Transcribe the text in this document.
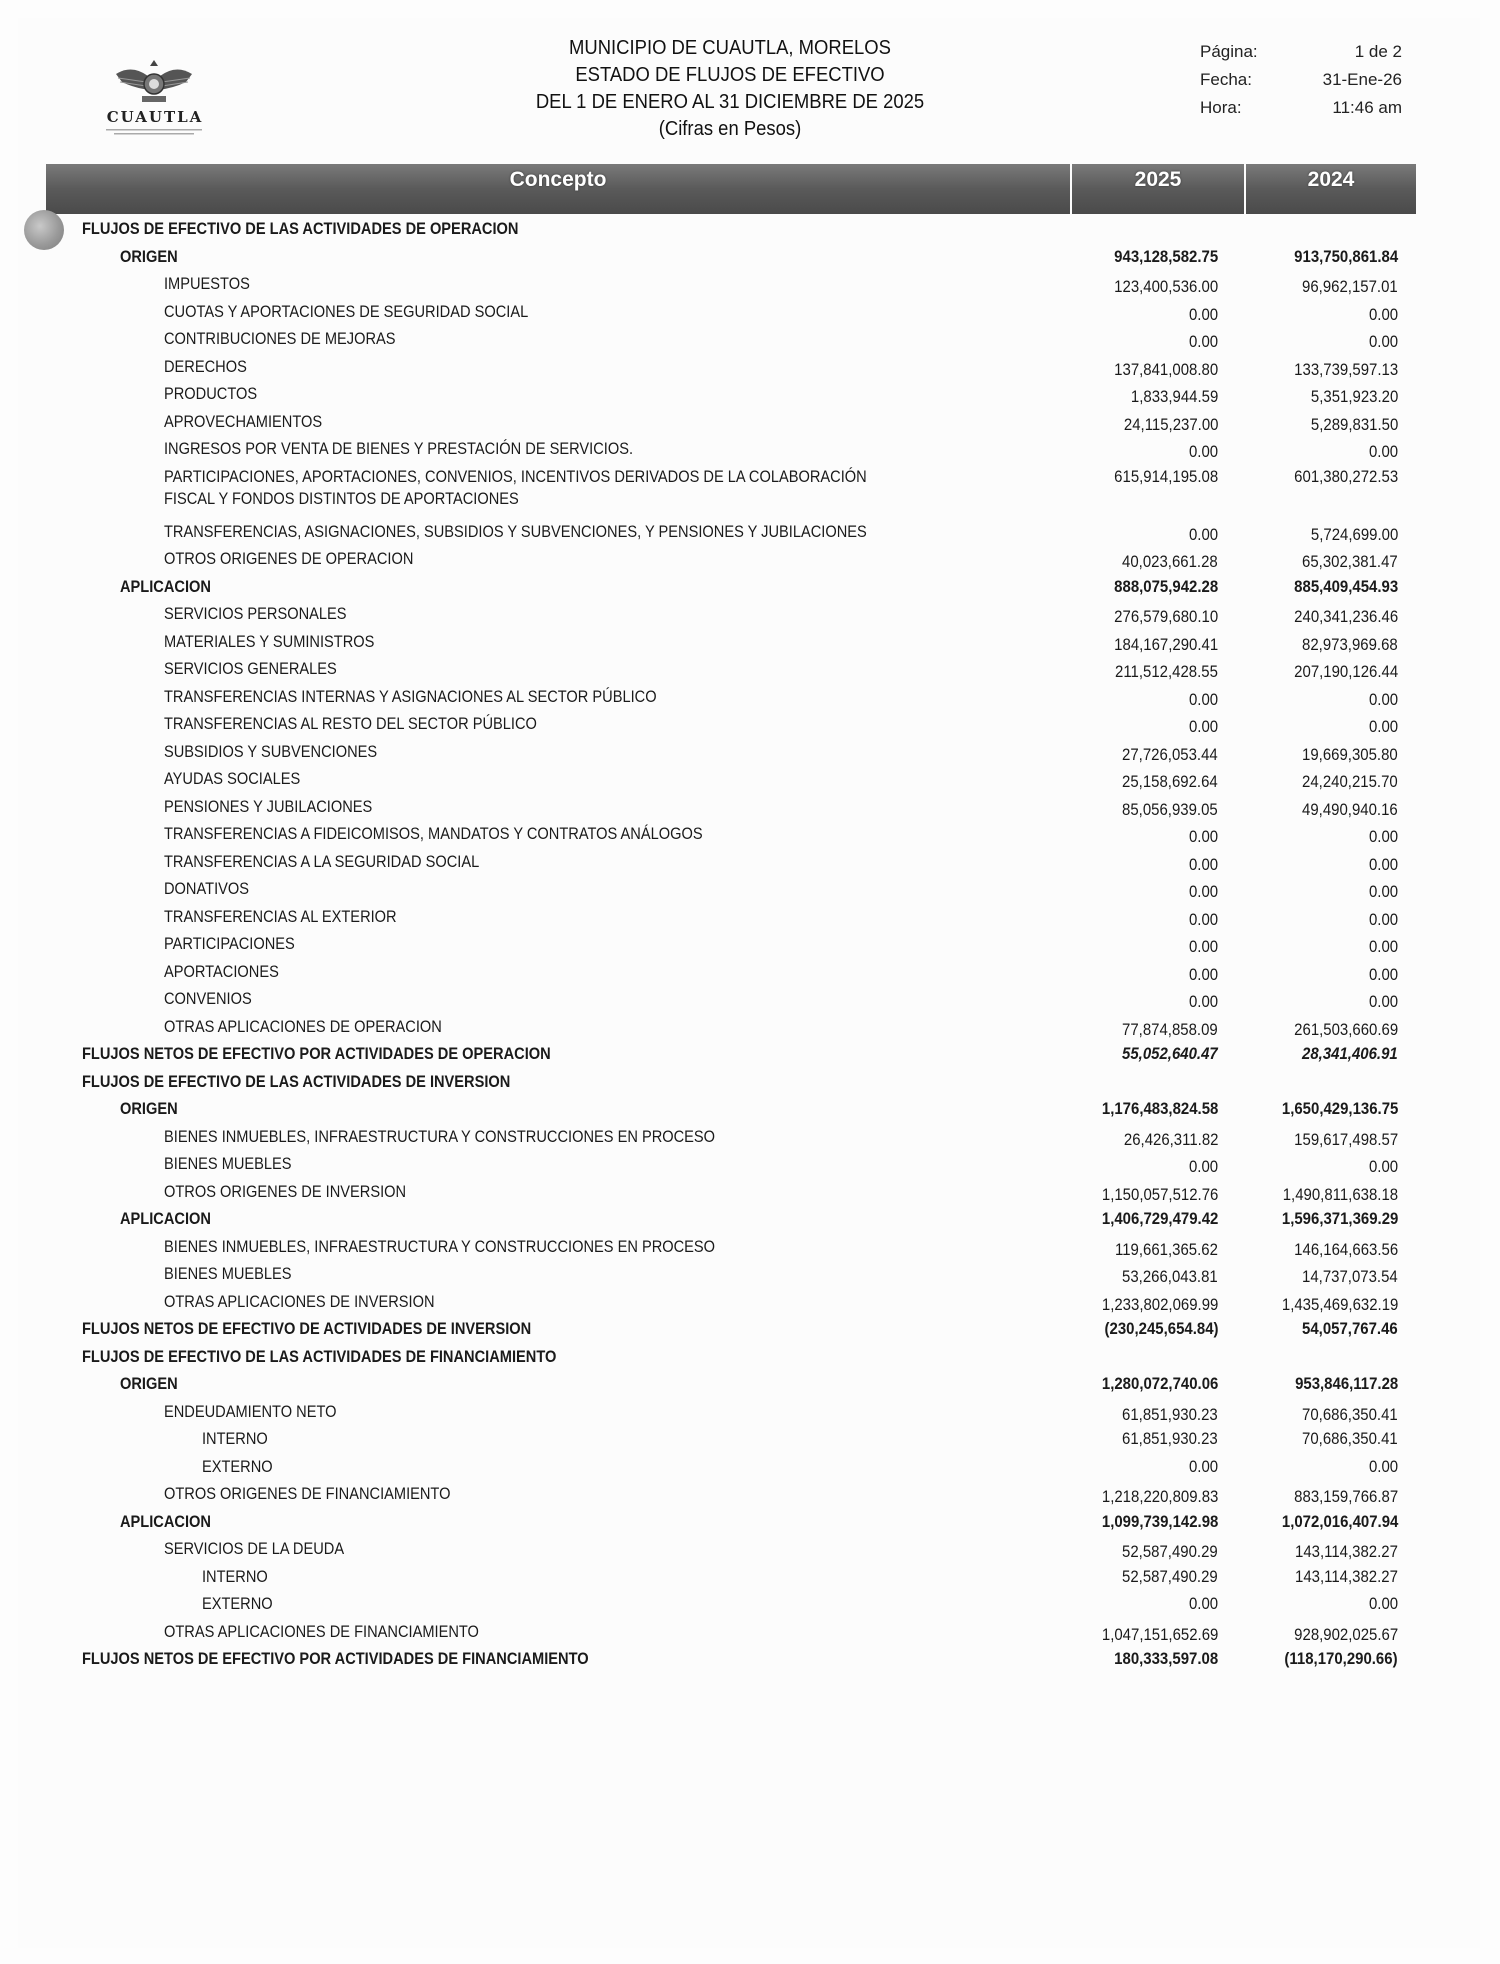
CUAUTLA
MUNICIPIO DE CUAUTLA, MORELOS
ESTADO DE FLUJOS DE EFECTIVO
DEL 1 DE ENERO AL 31 DICIEMBRE DE 2025
(Cifras en Pesos)
Página:
Fecha:
Hora:
1 de 2
31-Ene-26
11:46 am
Concepto	2025	2024
FLUJOS DE EFECTIVO DE LAS ACTIVIDADES DE OPERACION
ORIGEN	943,128,582.75	913,750,861.84
IMPUESTOS	123,400,536.00	96,962,157.01
CUOTAS Y APORTACIONES DE SEGURIDAD SOCIAL	0.00	0.00
CONTRIBUCIONES DE MEJORAS	0.00	0.00
DERECHOS	137,841,008.80	133,739,597.13
PRODUCTOS	1,833,944.59	5,351,923.20
APROVECHAMIENTOS	24,115,237.00	5,289,831.50
INGRESOS POR VENTA DE BIENES Y PRESTACIÓN DE SERVICIOS.	0.00	0.00
PARTICIPACIONES, APORTACIONES, CONVENIOS, INCENTIVOS DERIVADOS DE LA COLABORACIÓN
FISCAL Y FONDOS DISTINTOS DE APORTACIONES
615,914,195.08	601,380,272.53
TRANSFERENCIAS, ASIGNACIONES, SUBSIDIOS Y SUBVENCIONES, Y PENSIONES Y JUBILACIONES	0.00	5,724,699.00
OTROS ORIGENES DE OPERACION	40,023,661.28	65,302,381.47
APLICACION	888,075,942.28	885,409,454.93
SERVICIOS PERSONALES	276,579,680.10	240,341,236.46
MATERIALES Y SUMINISTROS	184,167,290.41	82,973,969.68
SERVICIOS GENERALES	211,512,428.55	207,190,126.44
TRANSFERENCIAS INTERNAS Y ASIGNACIONES AL SECTOR PÚBLICO	0.00	0.00
TRANSFERENCIAS AL RESTO DEL SECTOR PÚBLICO	0.00	0.00
SUBSIDIOS Y SUBVENCIONES	27,726,053.44	19,669,305.80
AYUDAS SOCIALES	25,158,692.64	24,240,215.70
PENSIONES Y JUBILACIONES	85,056,939.05	49,490,940.16
TRANSFERENCIAS A FIDEICOMISOS, MANDATOS Y CONTRATOS ANÁLOGOS	0.00	0.00
TRANSFERENCIAS A LA SEGURIDAD SOCIAL	0.00	0.00
DONATIVOS	0.00	0.00
TRANSFERENCIAS AL EXTERIOR	0.00	0.00
PARTICIPACIONES	0.00	0.00
APORTACIONES	0.00	0.00
CONVENIOS	0.00	0.00
OTRAS APLICACIONES DE OPERACION	77,874,858.09	261,503,660.69
FLUJOS NETOS DE EFECTIVO POR ACTIVIDADES DE OPERACION	55,052,640.47	28,341,406.91
FLUJOS DE EFECTIVO DE LAS ACTIVIDADES DE INVERSION
ORIGEN	1,176,483,824.58	1,650,429,136.75
BIENES INMUEBLES, INFRAESTRUCTURA Y CONSTRUCCIONES EN PROCESO	26,426,311.82	159,617,498.57
BIENES MUEBLES	0.00	0.00
OTROS ORIGENES DE INVERSION	1,150,057,512.76	1,490,811,638.18
APLICACION	1,406,729,479.42	1,596,371,369.29
BIENES INMUEBLES, INFRAESTRUCTURA Y CONSTRUCCIONES EN PROCESO	119,661,365.62	146,164,663.56
BIENES MUEBLES	53,266,043.81	14,737,073.54
OTRAS APLICACIONES DE INVERSION	1,233,802,069.99	1,435,469,632.19
FLUJOS NETOS DE EFECTIVO DE ACTIVIDADES DE INVERSION	(230,245,654.84)	54,057,767.46
FLUJOS DE EFECTIVO DE LAS ACTIVIDADES DE FINANCIAMIENTO
ORIGEN	1,280,072,740.06	953,846,117.28
ENDEUDAMIENTO NETO	61,851,930.23	70,686,350.41
INTERNO	61,851,930.23	70,686,350.41
EXTERNO	0.00	0.00
OTROS ORIGENES DE FINANCIAMIENTO	1,218,220,809.83	883,159,766.87
APLICACION	1,099,739,142.98	1,072,016,407.94
SERVICIOS DE LA DEUDA	52,587,490.29	143,114,382.27
INTERNO	52,587,490.29	143,114,382.27
EXTERNO	0.00	0.00
OTRAS APLICACIONES DE FINANCIAMIENTO	1,047,151,652.69	928,902,025.67
FLUJOS NETOS DE EFECTIVO POR ACTIVIDADES DE FINANCIAMIENTO	180,333,597.08	(118,170,290.66)
